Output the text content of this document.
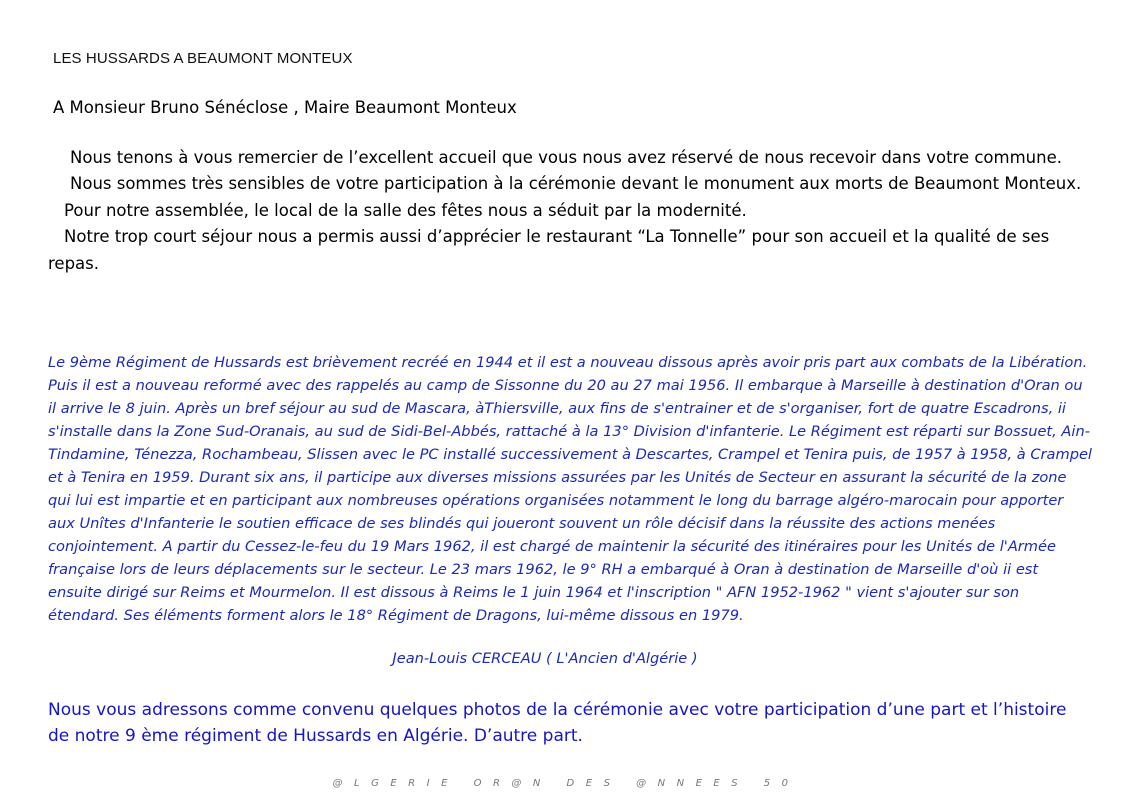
LES HUSSARDS A BEAUMONT MONTEUX
A Monsieur Bruno Sénéclose , Maire Beaumont Monteux

Nous tenons à vous remercier de l’excellent accueil que vous nous avez réservé de nous recevoir dans votre commune.

Nous sommes très sensibles de votre participation à la cérémonie devant le monument aux morts de Beaumont Monteux.

Pour notre assemblée, le local de la salle des fêtes nous a séduit par la modernité.

Notre trop court séjour nous a permis aussi d’apprécier le restaurant “La Tonnelle” pour son accueil et la qualité de ses repas.

Le 9ème Régiment de Hussards est brièvement recréé en 1944 et il est a nouveau dissous après avoir pris part aux combats de la Libération. Puis il est a nouveau reformé avec des rappelés au camp de Sissonne du 20 au 27 mai 1956. Il embarque à Marseille à destination d'Oran ou il arrive le 8 juin. Après un bref séjour au sud de Mascara, àThiersville, aux fins de s'entrainer et de s'organiser, fort de quatre Escadrons, ii s'installe dans la Zone Sud-Oranais, au sud de Sidi-Bel-Abbés, rattaché à la 13° Division d'infanterie. Le Régiment est réparti sur Bossuet, Ain-Tindamine, Ténezza, Rochambeau, Slissen avec le PC installé successivement à Descartes, Crampel et Tenira puis, de 1957 à 1958, à Crampel et à Tenira en 1959. Durant six ans, il participe aux diverses missions assurées par les Unités de Secteur en assurant la sécurité de la zone qui lui est impartie et en participant aux nombreuses opérations organisées notamment le long du barrage algéro-marocain pour apporter aux Unîtes d'Infanterie le soutien efficace de ses blindés qui joueront souvent un rôle décisif dans la réussite des actions menées conjointement. A partir du Cessez-le-feu du 19 Mars 1962, il est chargé de maintenir la sécurité des itinéraires pour les Unités de l'Armée française lors de leurs déplacements sur le secteur. Le 23 mars 1962, le 9° RH a embarqué à Oran à destination de Marseille d'où ii est ensuite dirigé sur Reims et Mourmelon. Il est dissous à Reims le 1 juin 1964 et l'inscription " AFN 1952-1962 " vient s'ajouter sur son étendard. Ses éléments forment alors le 18° Régiment de Dragons, lui-même dissous en 1979.

Jean-Louis CERCEAU ( L'Ancien d'Algérie )

Nous vous adressons comme convenu quelques photos de la cérémonie avec votre participation d’une part et l’histoire de notre 9 ème régiment de Hussards en Algérie. D’autre part.

@LGERIE OR@N DES @NNEES 50
